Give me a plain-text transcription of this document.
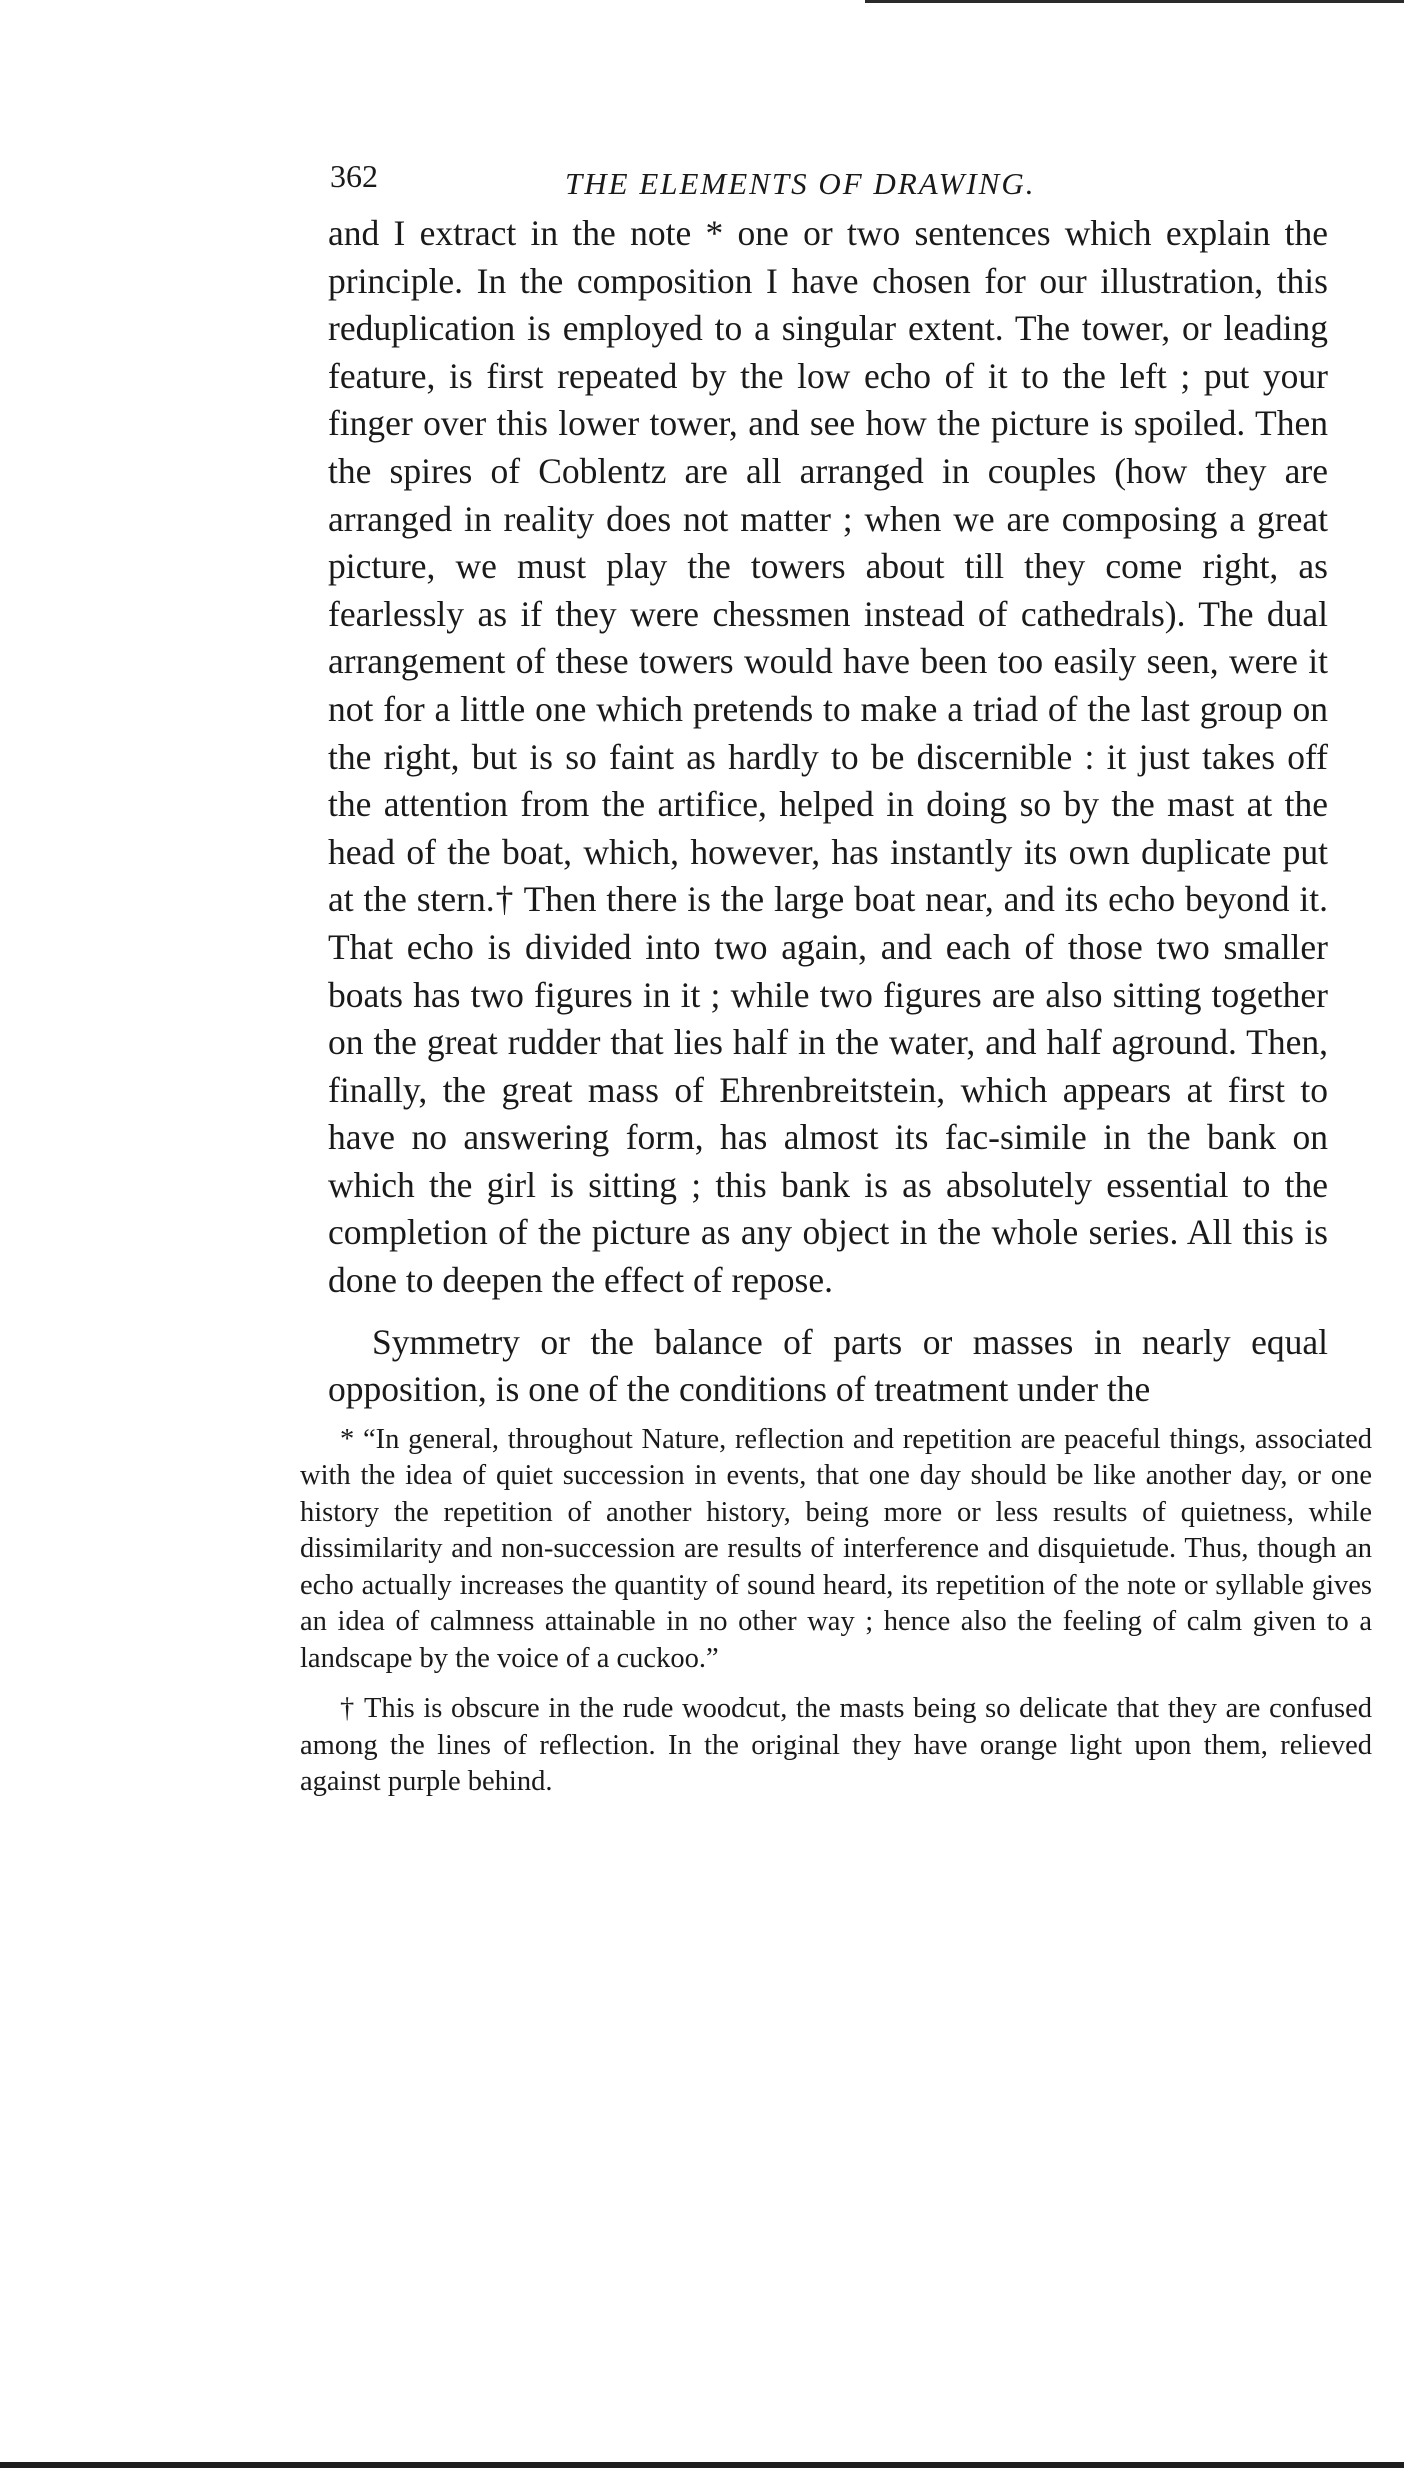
362	THE ELEMENTS OF DRAWING.

and I extract in the note * one or two sentences which explain the principle. In the composition I have chosen for our illustration, this reduplication is employed to a singular extent. The tower, or leading feature, is first repeated by the low echo of it to the left ; put your finger over this lower tower, and see how the picture is spoiled. Then the spires of Coblentz are all arranged in couples (how they are arranged in reality does not matter ; when we are composing a great picture, we must play the towers about till they come right, as fearlessly as if they were chessmen instead of cathedrals). The dual arrangement of these towers would have been too easily seen, were it not for a little one which pretends to make a triad of the last group on the right, but is so faint as hardly to be discernible : it just takes off the attention from the artifice, helped in doing so by the mast at the head of the boat, which, however, has instantly its own duplicate put at the stern.† Then there is the large boat near, and its echo beyond it. That echo is divided into two again, and each of those two smaller boats has two figures in it ; while two figures are also sitting together on the great rudder that lies half in the water, and half aground. Then, finally, the great mass of Ehrenbreitstein, which appears at first to have no answering form, has almost its fac-simile in the bank on which the girl is sitting ; this bank is as absolutely essential to the completion of the picture as any object in the whole series. All this is done to deepen the effect of repose.

Symmetry or the balance of parts or masses in nearly equal opposition, is one of the conditions of treatment under the

* “In general, throughout Nature, reflection and repetition are peaceful things, associated with the idea of quiet succession in events, that one day should be like another day, or one history the repetition of another history, being more or less results of quietness, while dissimilarity and non-succession are results of interference and disquietude. Thus, though an echo actually increases the quantity of sound heard, its repetition of the note or syllable gives an idea of calmness attainable in no other way ; hence also the feeling of calm given to a landscape by the voice of a cuckoo.”

† This is obscure in the rude woodcut, the masts being so delicate that they are confused among the lines of reflection. In the original they have orange light upon them, relieved against purple behind.
